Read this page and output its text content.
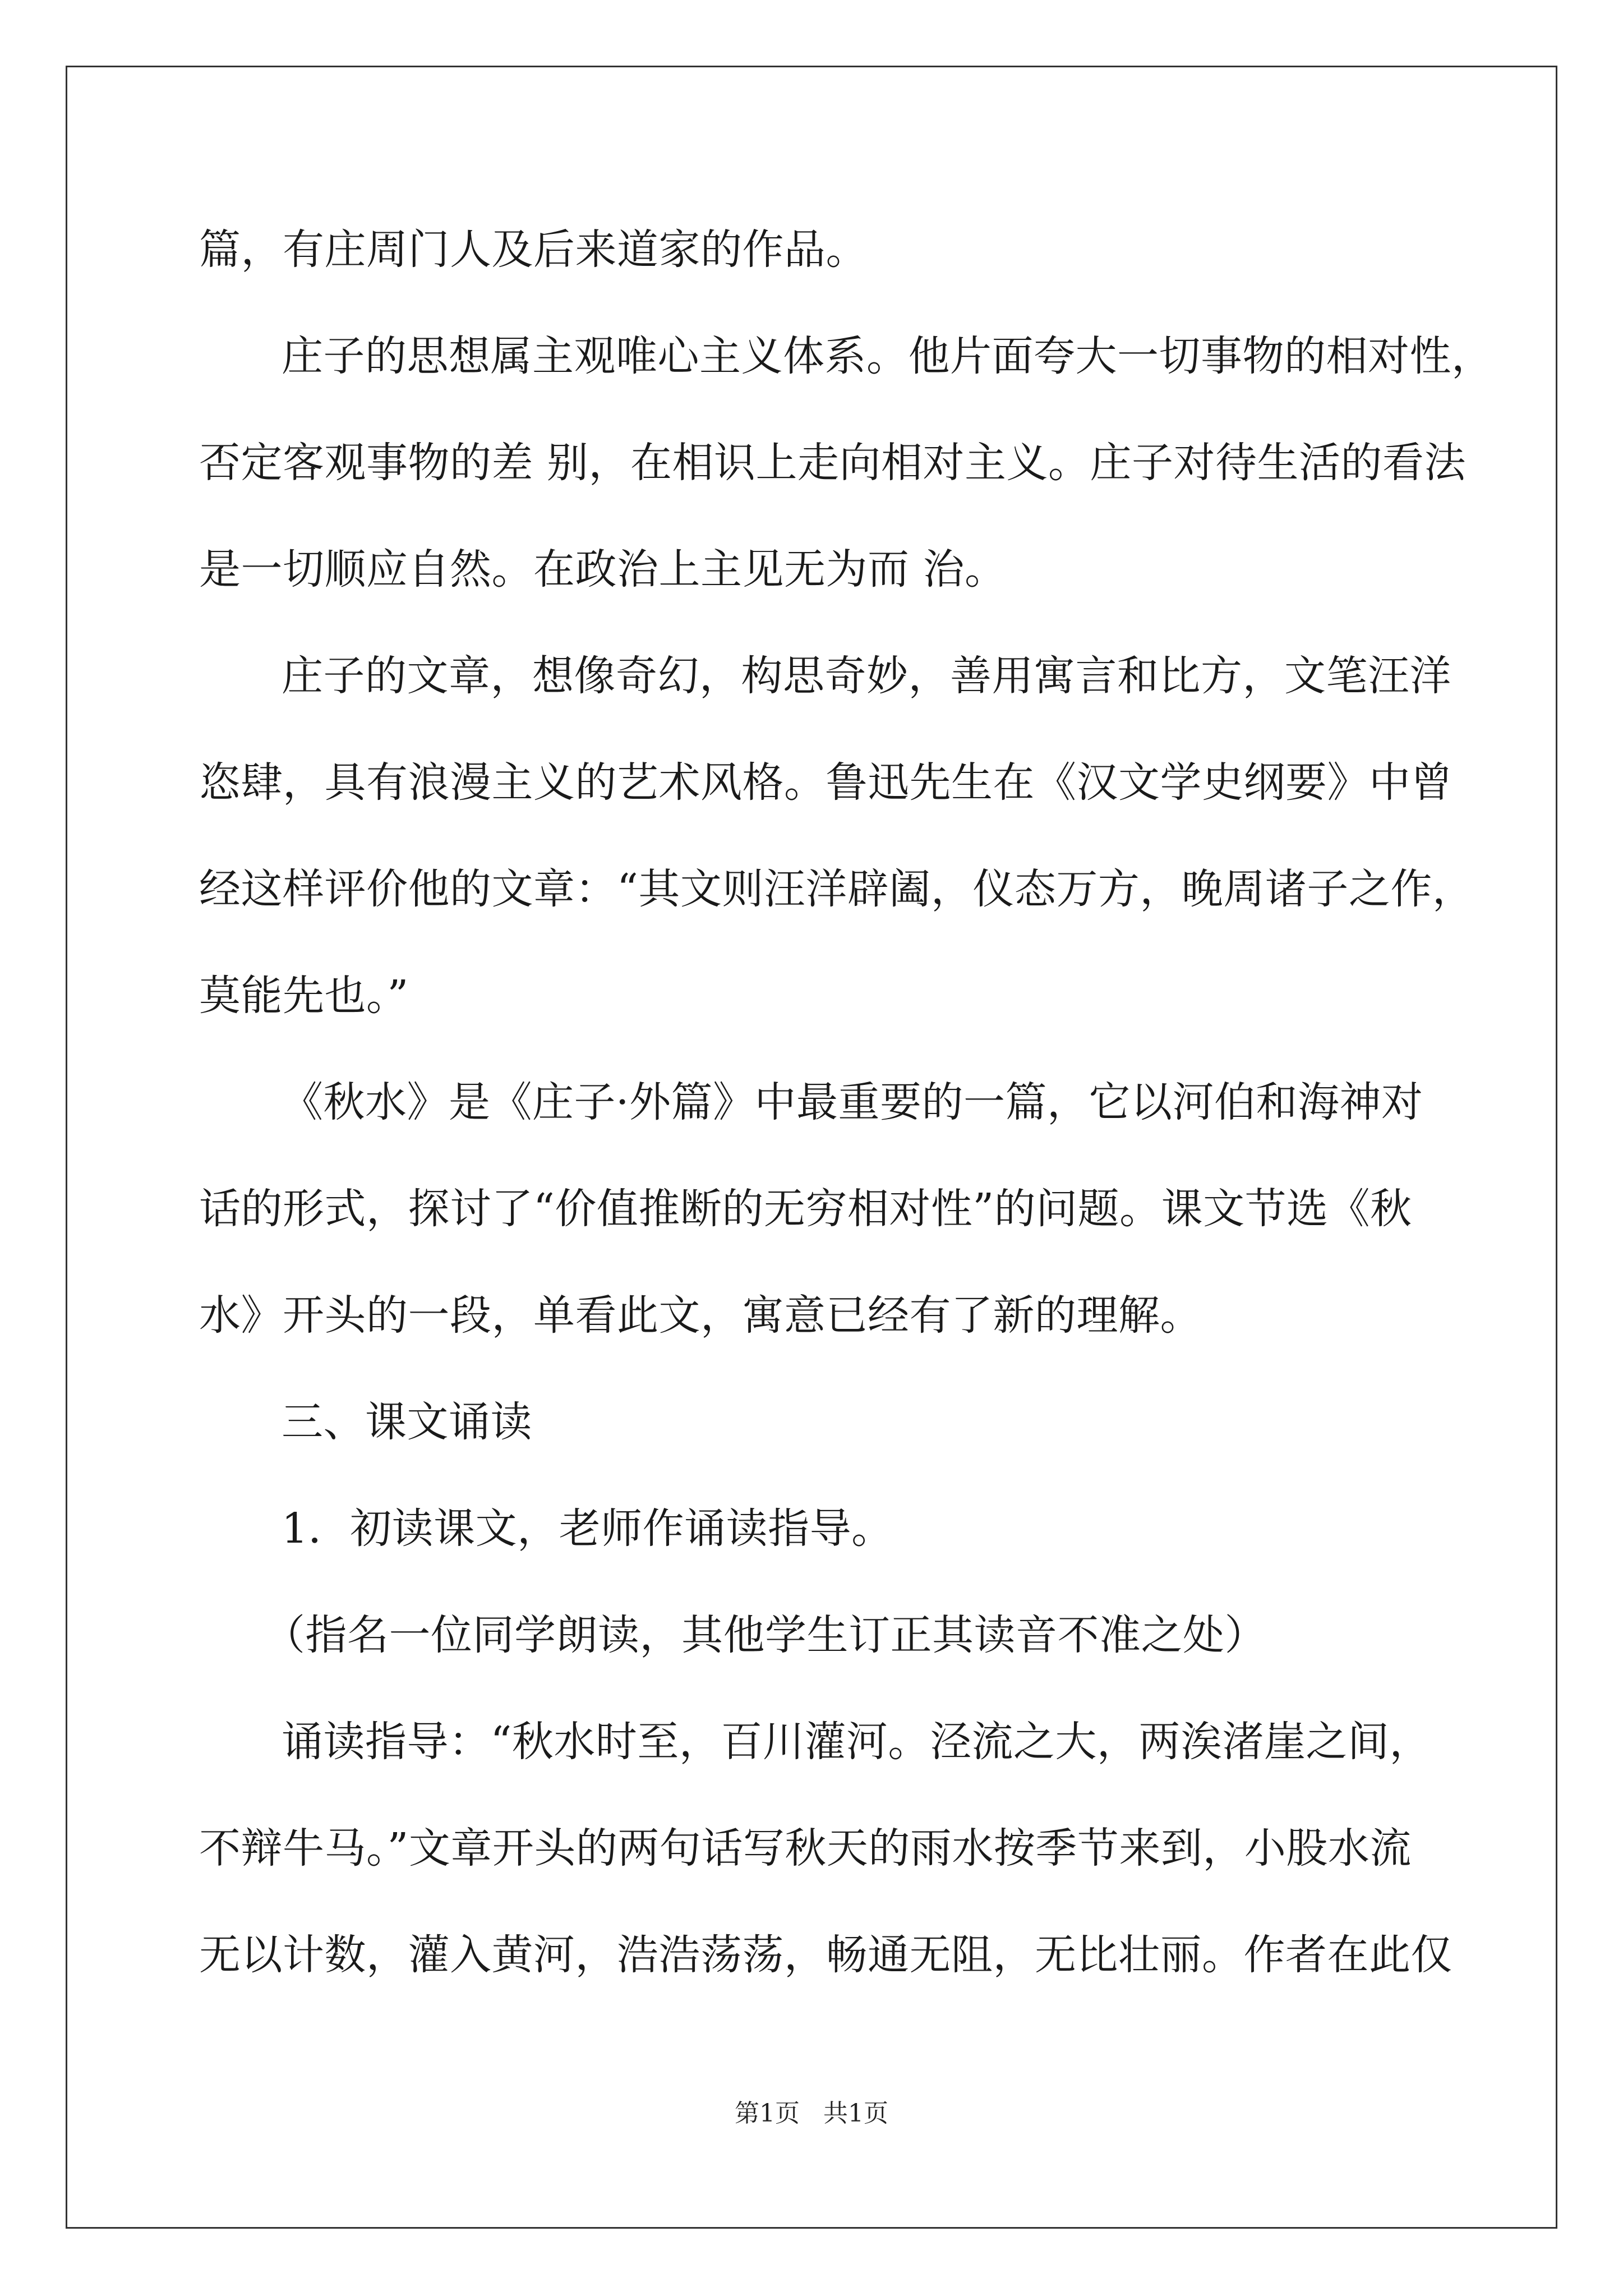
篇，有庄周门人及后来道家的作品。
庄子的思想属主观唯心主义体系。他片面夸大一切事物的相对性，
否定客观事物的差 别，在相识上走向相对主义。庄子对待生活的看法
是一切顺应自然。在政治上主见无为而 治。
庄子的文章，想像奇幻，构思奇妙，善用寓言和比方，文笔汪洋
恣肆，具有浪漫主义的艺术风格。鲁迅先生在《汉文学史纲要》中曾
经这样评价他的文章：“其文则汪洋辟阖，仪态万方，晚周诸子之作，
莫能先也。”
《秋水》是《庄子·外篇》中最重要的一篇，它以河伯和海神对
话的形式，探讨了“价值推断的无穷相对性”的问题。课文节选《秋
水》开头的一段，单看此文，寓意已经有了新的理解。
三、课文诵读
1．初读课文，老师作诵读指导。
（指名一位同学朗读，其他学生订正其读音不准之处）
诵读指导：“秋水时至，百川灌河。泾流之大，两涘渚崖之间，
不辩牛马。”文章开头的两句话写秋天的雨水按季节来到，小股水流
无以计数，灌入黄河，浩浩荡荡，畅通无阻，无比壮丽。作者在此仅
第1页   共1页
